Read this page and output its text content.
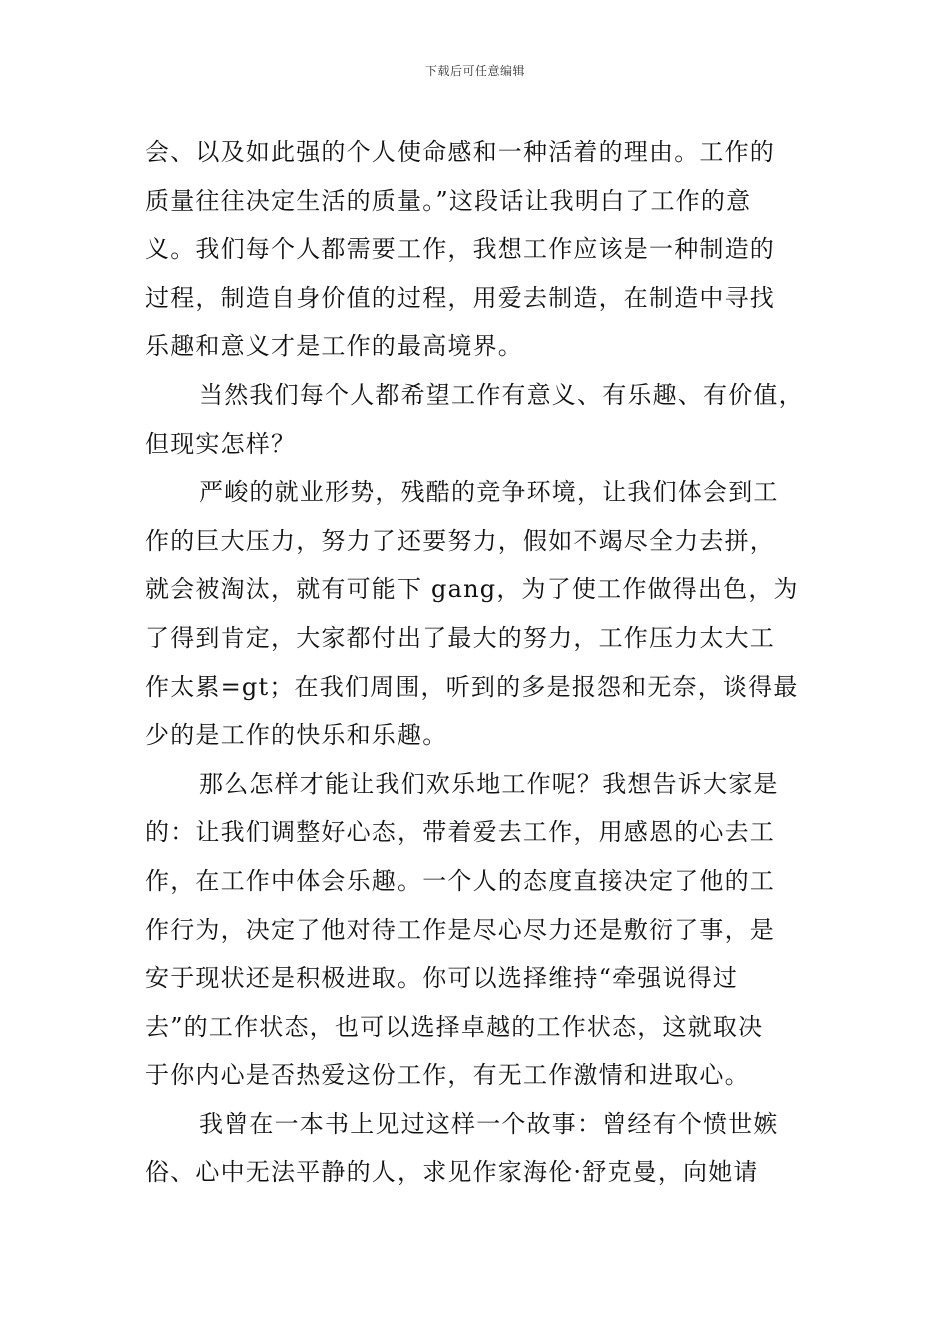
下载后可任意编辑
会、以及如此强的个人使命感和一种活着的理由。工作的
质量往往决定生活的质量。”这段话让我明白了工作的意
义。我们每个人都需要工作，我想工作应该是一种制造的
过程，制造自身价值的过程，用爱去制造，在制造中寻找
乐趣和意义才是工作的最高境界。
当然我们每个人都希望工作有意义、有乐趣、有价值，
但现实怎样？
严峻的就业形势，残酷的竞争环境，让我们体会到工
作的巨大压力，努力了还要努力，假如不竭尽全力去拼，
就会被淘汰，就有可能下 gang，为了使工作做得出色，为
了得到肯定，大家都付出了最大的努力，工作压力太大工
作太累=gt；在我们周围，听到的多是报怨和无奈，谈得最
少的是工作的快乐和乐趣。
那么怎样才能让我们欢乐地工作呢？我想告诉大家是
的：让我们调整好心态，带着爱去工作，用感恩的心去工
作，在工作中体会乐趣。一个人的态度直接决定了他的工
作行为，决定了他对待工作是尽心尽力还是敷衍了事，是
安于现状还是积极进取。你可以选择维持“牵强说得过
去”的工作状态，也可以选择卓越的工作状态，这就取决
于你内心是否热爱这份工作，有无工作激情和进取心。
我曾在一本书上见过这样一个故事：曾经有个愤世嫉
俗、心中无法平静的人，求见作家海伦·舒克曼，向她请
